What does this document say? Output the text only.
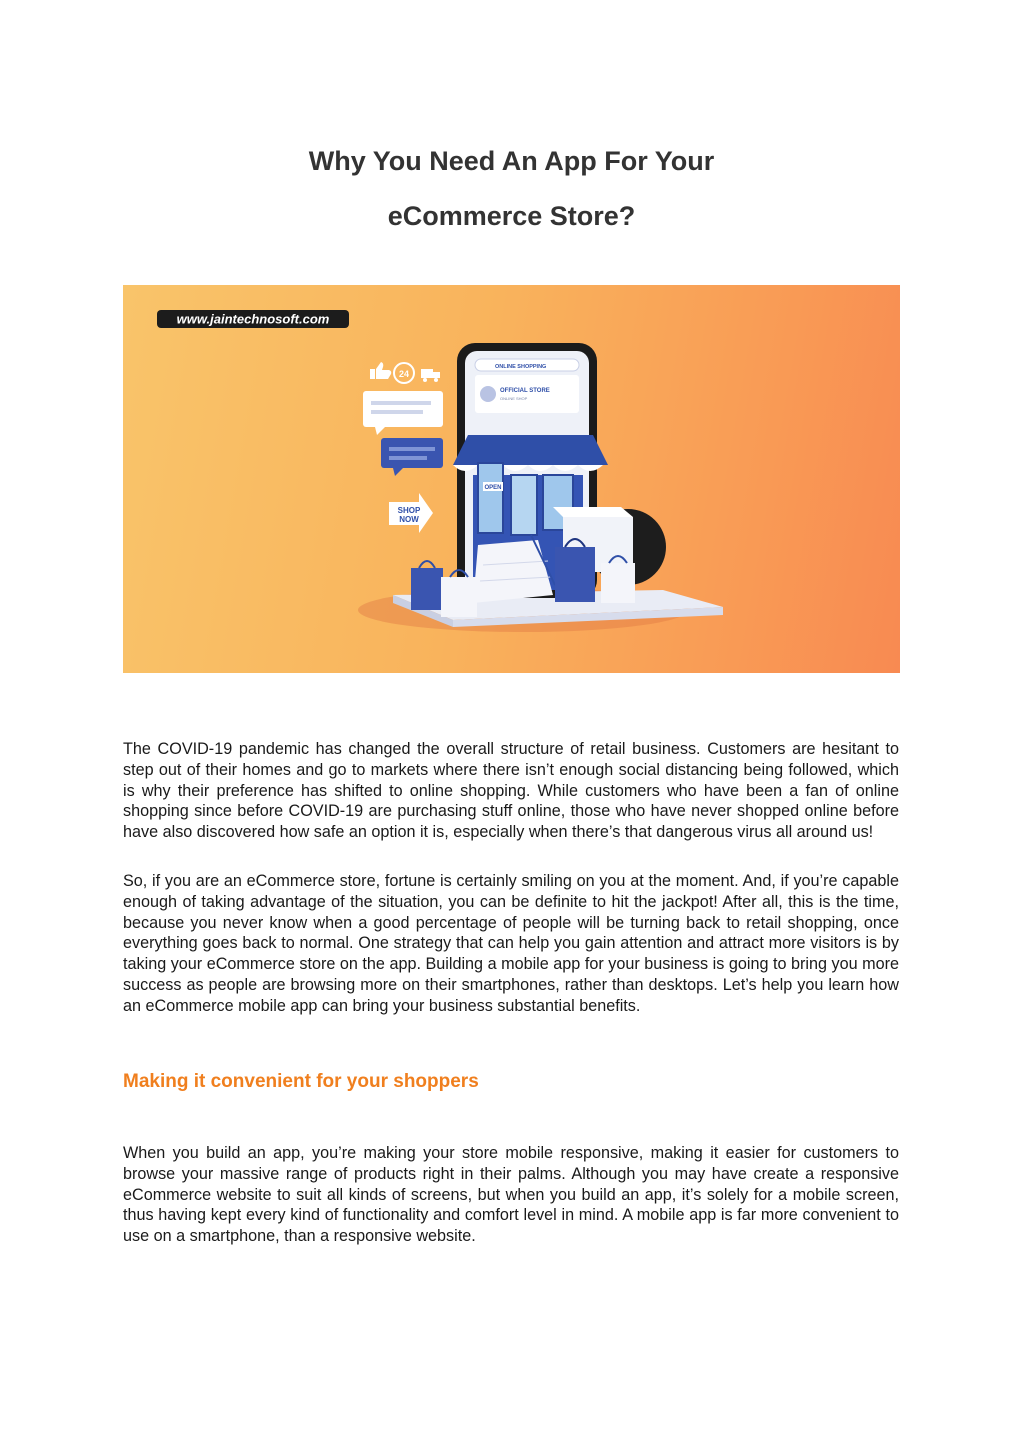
Why You Need An App For Your
eCommerce Store?
www.jaintechnosoft.com
ONLINE SHOPPING
OFFICIAL STORE
ONLINE SHOP
OPEN
24
SHOP
NOW

The COVID-19 pandemic has changed the overall structure of retail business. Customers are hesitant to step out of their homes and go to markets where there isn’t enough social distancing being followed, which is why their preference has shifted to online shopping. While customers who have been a fan of online shopping since before COVID-19 are purchasing stuff online, those who have never shopped online before have also discovered how safe an option it is, especially when there’s that dangerous virus all around us!

So, if you are an eCommerce store, fortune is certainly smiling on you at the moment. And, if you’re capable enough of taking advantage of the situation, you can be definite to hit the jackpot! After all, this is the time, because you never know when a good percentage of people will be turning back to retail shopping, once everything goes back to normal. One strategy that can help you gain attention and attract more visitors is by taking your eCommerce store on the app. Building a mobile app for your business is going to bring you more success as people are browsing more on their smartphones, rather than desktops. Let’s help you learn how an eCommerce mobile app can bring your business substantial benefits.

Making it convenient for your shoppers

When you build an app, you’re making your store mobile responsive, making it easier for customers to browse your massive range of products right in their palms. Although you may have create a responsive eCommerce website to suit all kinds of screens, but when you build an app, it’s solely for a mobile screen, thus having kept every kind of functionality and comfort level in mind. A mobile app is far more convenient to use on a smartphone, than a responsive website.
